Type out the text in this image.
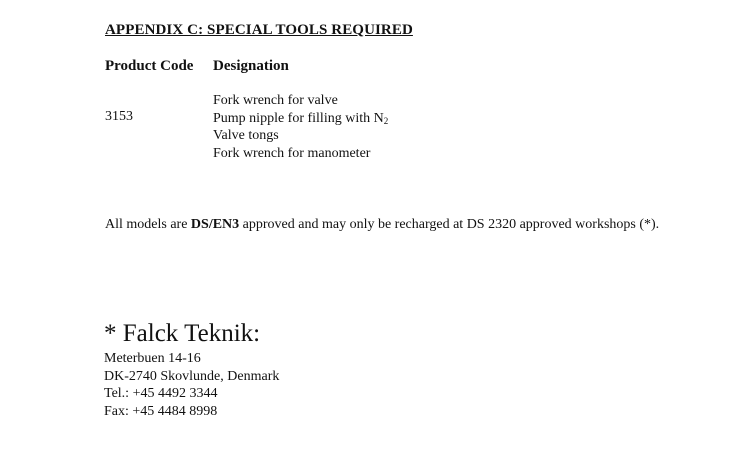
APPENDIX C: SPECIAL TOOLS REQUIRED
Product Code Designation
3153
Fork wrench for valve
Pump nipple for filling with $N_2$
Valve tongs
Fork wrench for manometer
All models are DS/EN3 approved and may only be recharged at DS 2320 approved workshops (*).
* Falck Teknik:
Meterbuen 14-16
DK-2740 Skovlunde, Denmark
Tel.: +45 4492 3344
Fax: +45 4484 8998
